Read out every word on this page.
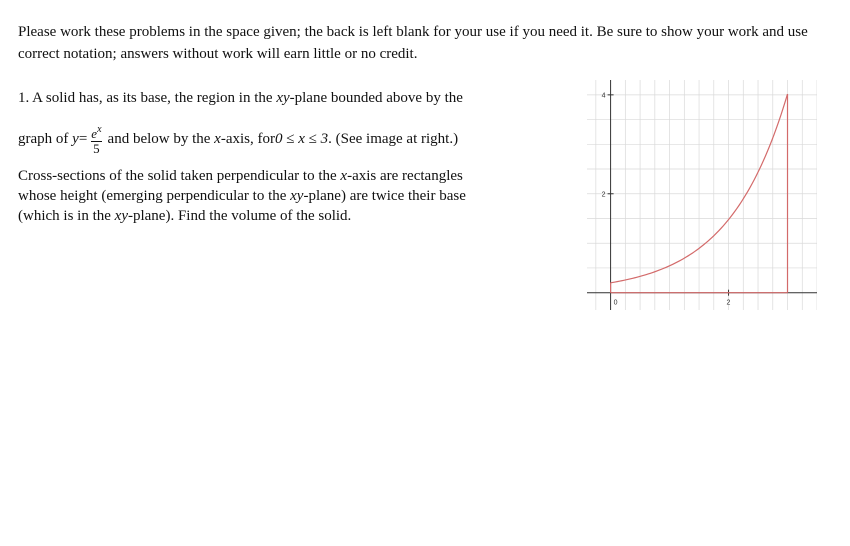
Please work these problems in the space given; the back is left blank for your use if you need it. Be sure to show your work and use correct notation; answers without work will earn little or no credit.
1. A solid has, as its base, the region in the xy-plane bounded above by the
graph of
$y = \frac{e^x}{5}$ and below by the
x -axis, for 0 ≤ x ≤ 3 . (See image at right.)
Cross-sections of the solid taken perpendicular to the x-axis are rectangles
whose height (emerging perpendicular to the xy-plane) are twice their base
(which is in the xy-plane). Find the volume of the solid.
0	2
2
4
